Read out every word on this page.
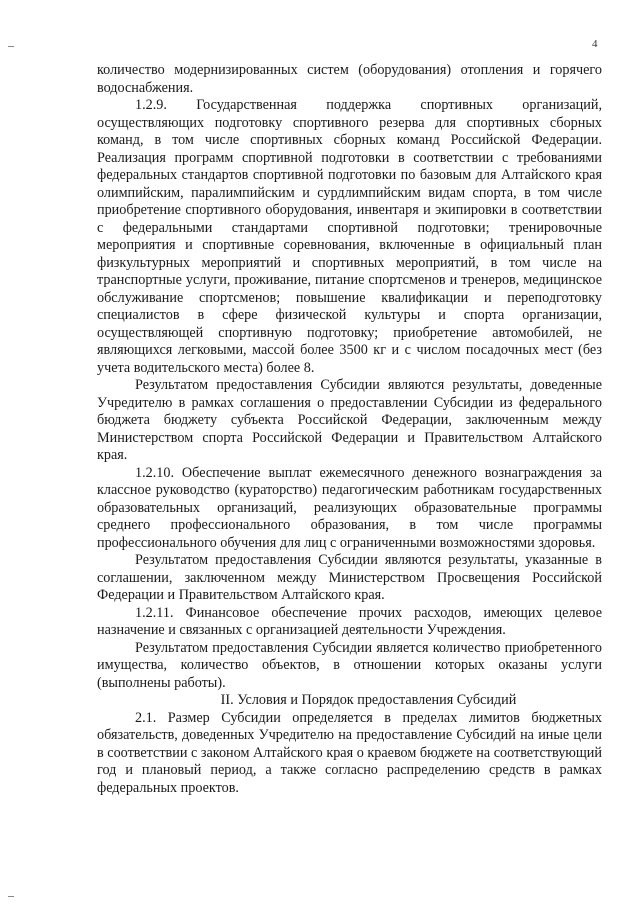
4

количество модернизированных систем (оборудования) отопления и горячего водоснабжения.

1.2.9. Государственная поддержка спортивных организаций, осуществляющих подготовку спортивного резерва для спортивных сборных команд, в том числе спортивных сборных команд Российской Федерации. Реализация программ спортивной подготовки в соответствии с требованиями федеральных стандартов спортивной подготовки по базовым для Алтайского края олимпийским, паралимпийским и сурдлимпийским видам спорта, в том числе приобретение спортивного оборудования, инвентаря и экипировки в соответствии с федеральными стандартами спортивной подготовки; тренировочные мероприятия и спортивные соревнования, включенные в официальный план физкультурных мероприятий и спортивных мероприятий, в том числе на транспортные услуги, проживание, питание спортсменов и тренеров, медицинское обслуживание спортсменов; повышение квалификации и переподготовку специалистов в сфере физической культуры и спорта организации, осуществляющей спортивную подготовку; приобретение автомобилей, не являющихся легковыми, массой более 3500 кг и с числом посадочных мест (без учета водительского места) более 8.

Результатом предоставления Субсидии являются результаты, доведенные Учредителю в рамках соглашения о предоставлении Субсидии из федерального бюджета бюджету субъекта Российской Федерации, заключенным между Министерством спорта Российской Федерации и Правительством Алтайского края.

1.2.10. Обеспечение выплат ежемесячного денежного вознаграждения за классное руководство (кураторство) педагогическим работникам государственных образовательных организаций, реализующих образовательные программы среднего профессионального образования, в том числе программы профессионального обучения для лиц с ограниченными возможностями здоровья.

Результатом предоставления Субсидии являются результаты, указанные в соглашении, заключенном между Министерством Просвещения Российской Федерации и Правительством Алтайского края.

1.2.11. Финансовое обеспечение прочих расходов, имеющих целевое назначение и связанных с организацией деятельности Учреждения.

Результатом предоставления Субсидии является количество приобретенного имущества, количество объектов, в отношении которых оказаны услуги (выполнены работы).

II. Условия и Порядок предоставления Субсидий

2.1. Размер Субсидии определяется в пределах лимитов бюджетных обязательств, доведенных Учредителю на предоставление Субсидий на иные цели в соответствии с законом Алтайского края о краевом бюджете на соответствующий год и плановый период, а также согласно распределению средств в рамках федеральных проектов.
